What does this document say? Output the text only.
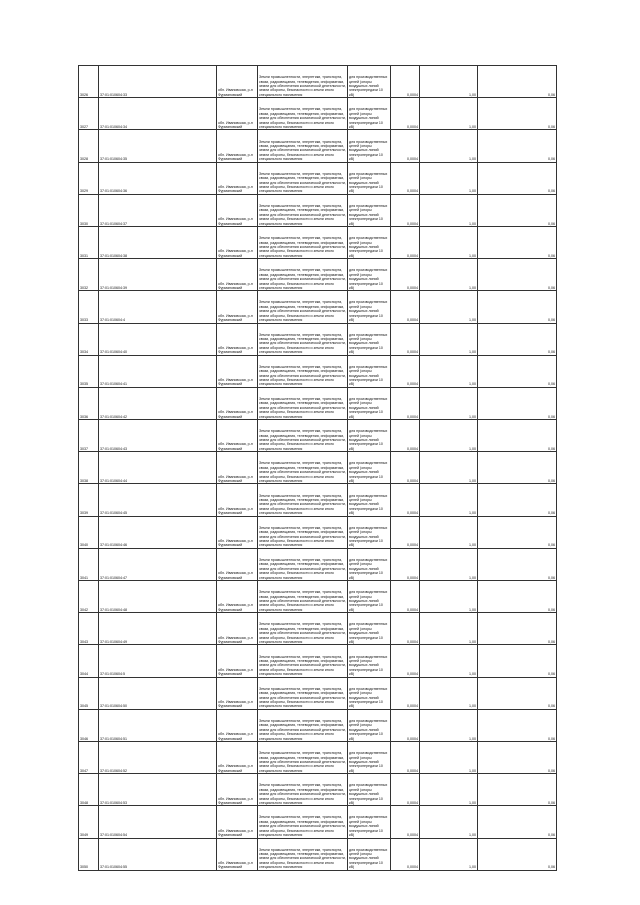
3026	37:01:010604:33	обл. Ивановская, р-н Фурмановский	Земли промышленности, энергетики, транспорта, связи, радиовещания, телевидения, информатики, земли для обеспечения космической деятельности, земли обороны, безопасности и земли иного специального назначения	для производственных целей (опоры воздушных линий электропередачи 10 кВ)	0,0004	1,00	0,06
3027	37:01:010604:34	обл. Ивановская, р-н Фурмановский	Земли промышленности, энергетики, транспорта, связи, радиовещания, телевидения, информатики, земли для обеспечения космической деятельности, земли обороны, безопасности и земли иного специального назначения	для производственных целей (опоры воздушных линий электропередачи 10 кВ)	0,0004	1,00	0,06
3028	37:01:010604:35	обл. Ивановская, р-н Фурмановский	Земли промышленности, энергетики, транспорта, связи, радиовещания, телевидения, информатики, земли для обеспечения космической деятельности, земли обороны, безопасности и земли иного специального назначения	для производственных целей (опоры воздушных линий электропередачи 10 кВ)	0,0004	1,00	0,06
3029	37:01:010604:36	обл. Ивановская, р-н Фурмановский	Земли промышленности, энергетики, транспорта, связи, радиовещания, телевидения, информатики, земли для обеспечения космической деятельности, земли обороны, безопасности и земли иного специального назначения	для производственных целей (опоры воздушных линий электропередачи 10 кВ)	0,0004	1,00	0,06
3030	37:01:010604:37	обл. Ивановская, р-н Фурмановский	Земли промышленности, энергетики, транспорта, связи, радиовещания, телевидения, информатики, земли для обеспечения космической деятельности, земли обороны, безопасности и земли иного специального назначения	для производственных целей (опоры воздушных линий электропередачи 10 кВ)	0,0004	1,00	0,06
3031	37:01:010604:38	обл. Ивановская, р-н Фурмановский	Земли промышленности, энергетики, транспорта, связи, радиовещания, телевидения, информатики, земли для обеспечения космической деятельности, земли обороны, безопасности и земли иного специального назначения	для производственных целей (опоры воздушных линий электропередачи 10 кВ)	0,0004	1,00	0,06
3032	37:01:010604:39	обл. Ивановская, р-н Фурмановский	Земли промышленности, энергетики, транспорта, связи, радиовещания, телевидения, информатики, земли для обеспечения космической деятельности, земли обороны, безопасности и земли иного специального назначения	для производственных целей (опоры воздушных линий электропередачи 10 кВ)	0,0004	1,00	0,06
3033	37:01:010604:4	обл. Ивановская, р-н Фурмановский	Земли промышленности, энергетики, транспорта, связи, радиовещания, телевидения, информатики, земли для обеспечения космической деятельности, земли обороны, безопасности и земли иного специального назначения	для производственных целей (опоры воздушных линий электропередачи 10 кВ)	0,0004	1,00	0,06
3034	37:01:010604:40	обл. Ивановская, р-н Фурмановский	Земли промышленности, энергетики, транспорта, связи, радиовещания, телевидения, информатики, земли для обеспечения космической деятельности, земли обороны, безопасности и земли иного специального назначения	для производственных целей (опоры воздушных линий электропередачи 10 кВ)	0,0004	1,00	0,06
3035	37:01:010604:41	обл. Ивановская, р-н Фурмановский	Земли промышленности, энергетики, транспорта, связи, радиовещания, телевидения, информатики, земли для обеспечения космической деятельности, земли обороны, безопасности и земли иного специального назначения	для производственных целей (опоры воздушных линий электропередачи 10 кВ)	0,0004	1,00	0,06
3036	37:01:010604:42	обл. Ивановская, р-н Фурмановский	Земли промышленности, энергетики, транспорта, связи, радиовещания, телевидения, информатики, земли для обеспечения космической деятельности, земли обороны, безопасности и земли иного специального назначения	для производственных целей (опоры воздушных линий электропередачи 10 кВ)	0,0004	1,00	0,06
3037	37:01:010604:43	обл. Ивановская, р-н Фурмановский	Земли промышленности, энергетики, транспорта, связи, радиовещания, телевидения, информатики, земли для обеспечения космической деятельности, земли обороны, безопасности и земли иного специального назначения	для производственных целей (опоры воздушных линий электропередачи 10 кВ)	0,0004	1,00	0,06
3038	37:01:010604:44	обл. Ивановская, р-н Фурмановский	Земли промышленности, энергетики, транспорта, связи, радиовещания, телевидения, информатики, земли для обеспечения космической деятельности, земли обороны, безопасности и земли иного специального назначения	для производственных целей (опоры воздушных линий электропередачи 10 кВ)	0,0004	1,00	0,06
3039	37:01:010604:45	обл. Ивановская, р-н Фурмановский	Земли промышленности, энергетики, транспорта, связи, радиовещания, телевидения, информатики, земли для обеспечения космической деятельности, земли обороны, безопасности и земли иного специального назначения	для производственных целей (опоры воздушных линий электропередачи 10 кВ)	0,0004	1,00	0,06
3040	37:01:010604:46	обл. Ивановская, р-н Фурмановский	Земли промышленности, энергетики, транспорта, связи, радиовещания, телевидения, информатики, земли для обеспечения космической деятельности, земли обороны, безопасности и земли иного специального назначения	для производственных целей (опоры воздушных линий электропередачи 10 кВ)	0,0004	1,00	0,06
3041	37:01:010604:47	обл. Ивановская, р-н Фурмановский	Земли промышленности, энергетики, транспорта, связи, радиовещания, телевидения, информатики, земли для обеспечения космической деятельности, земли обороны, безопасности и земли иного специального назначения	для производственных целей (опоры воздушных линий электропередачи 10 кВ)	0,0004	1,00	0,06
3042	37:01:010604:48	обл. Ивановская, р-н Фурмановский	Земли промышленности, энергетики, транспорта, связи, радиовещания, телевидения, информатики, земли для обеспечения космической деятельности, земли обороны, безопасности и земли иного специального назначения	для производственных целей (опоры воздушных линий электропередачи 10 кВ)	0,0004	1,00	0,06
3043	37:01:010604:49	обл. Ивановская, р-н Фурмановский	Земли промышленности, энергетики, транспорта, связи, радиовещания, телевидения, информатики, земли для обеспечения космической деятельности, земли обороны, безопасности и земли иного специального назначения	для производственных целей (опоры воздушных линий электропередачи 10 кВ)	0,0004	1,00	0,06
3044	37:01:010604:5	обл. Ивановская, р-н Фурмановский	Земли промышленности, энергетики, транспорта, связи, радиовещания, телевидения, информатики, земли для обеспечения космической деятельности, земли обороны, безопасности и земли иного специального назначения	для производственных целей (опоры воздушных линий электропередачи 10 кВ)	0,0004	1,00	0,06
3045	37:01:010604:50	обл. Ивановская, р-н Фурмановский	Земли промышленности, энергетики, транспорта, связи, радиовещания, телевидения, информатики, земли для обеспечения космической деятельности, земли обороны, безопасности и земли иного специального назначения	для производственных целей (опоры воздушных линий электропередачи 10 кВ)	0,0004	1,00	0,06
3046	37:01:010604:51	обл. Ивановская, р-н Фурмановский	Земли промышленности, энергетики, транспорта, связи, радиовещания, телевидения, информатики, земли для обеспечения космической деятельности, земли обороны, безопасности и земли иного специального назначения	для производственных целей (опоры воздушных линий электропередачи 10 кВ)	0,0004	1,00	0,06
3047	37:01:010604:52	обл. Ивановская, р-н Фурмановский	Земли промышленности, энергетики, транспорта, связи, радиовещания, телевидения, информатики, земли для обеспечения космической деятельности, земли обороны, безопасности и земли иного специального назначения	для производственных целей (опоры воздушных линий электропередачи 10 кВ)	0,0004	1,00	0,06
3048	37:01:010604:53	обл. Ивановская, р-н Фурмановский	Земли промышленности, энергетики, транспорта, связи, радиовещания, телевидения, информатики, земли для обеспечения космической деятельности, земли обороны, безопасности и земли иного специального назначения	для производственных целей (опоры воздушных линий электропередачи 10 кВ)	0,0004	1,00	0,06
3049	37:01:010604:54	обл. Ивановская, р-н Фурмановский	Земли промышленности, энергетики, транспорта, связи, радиовещания, телевидения, информатики, земли для обеспечения космической деятельности, земли обороны, безопасности и земли иного специального назначения	для производственных целей (опоры воздушных линий электропередачи 10 кВ)	0,0004	1,00	0,06
3050	37:01:010604:55	обл. Ивановская, р-н Фурмановский	Земли промышленности, энергетики, транспорта, связи, радиовещания, телевидения, информатики, земли для обеспечения космической деятельности, земли обороны, безопасности и земли иного специального назначения	для производственных целей (опоры воздушных линий электропередачи 10 кВ)	0,0004	1,00	0,06
